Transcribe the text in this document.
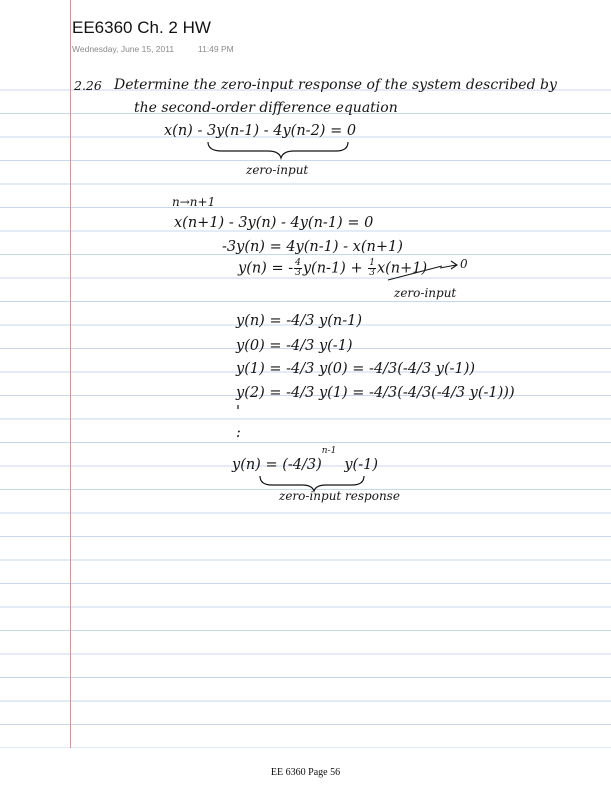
EE6360 Ch. 2 HW
Wednesday, June 15, 2011	11:49 PM
2.26 Determine the zero-input response of the system described by
the second-order difference equation
x(n) - 3y(n-1) - 4y(n-2) = 0
zero-input
n→n+1
x(n+1) - 3y(n) - 4y(n-1) = 0
-3y(n) = 4y(n-1) - x(n+1)
y(n) = - $\frac{4}{3} y(n-1) + \frac{1}{3} x(n+1)$	0
zero-input
y(n) = -4/3 y(n-1)
y(0) = -4/3 y(-1)
y(1) = -4/3 y(0) = -4/3(-4/3 y(-1))
y(2) = -4/3 y(1) = -4/3(-4/3(-4/3 y(-1)))
:
$y(n) = (-4/3)^{n-1}y(-1)$
zero-input response
EE 6360 Page 56
